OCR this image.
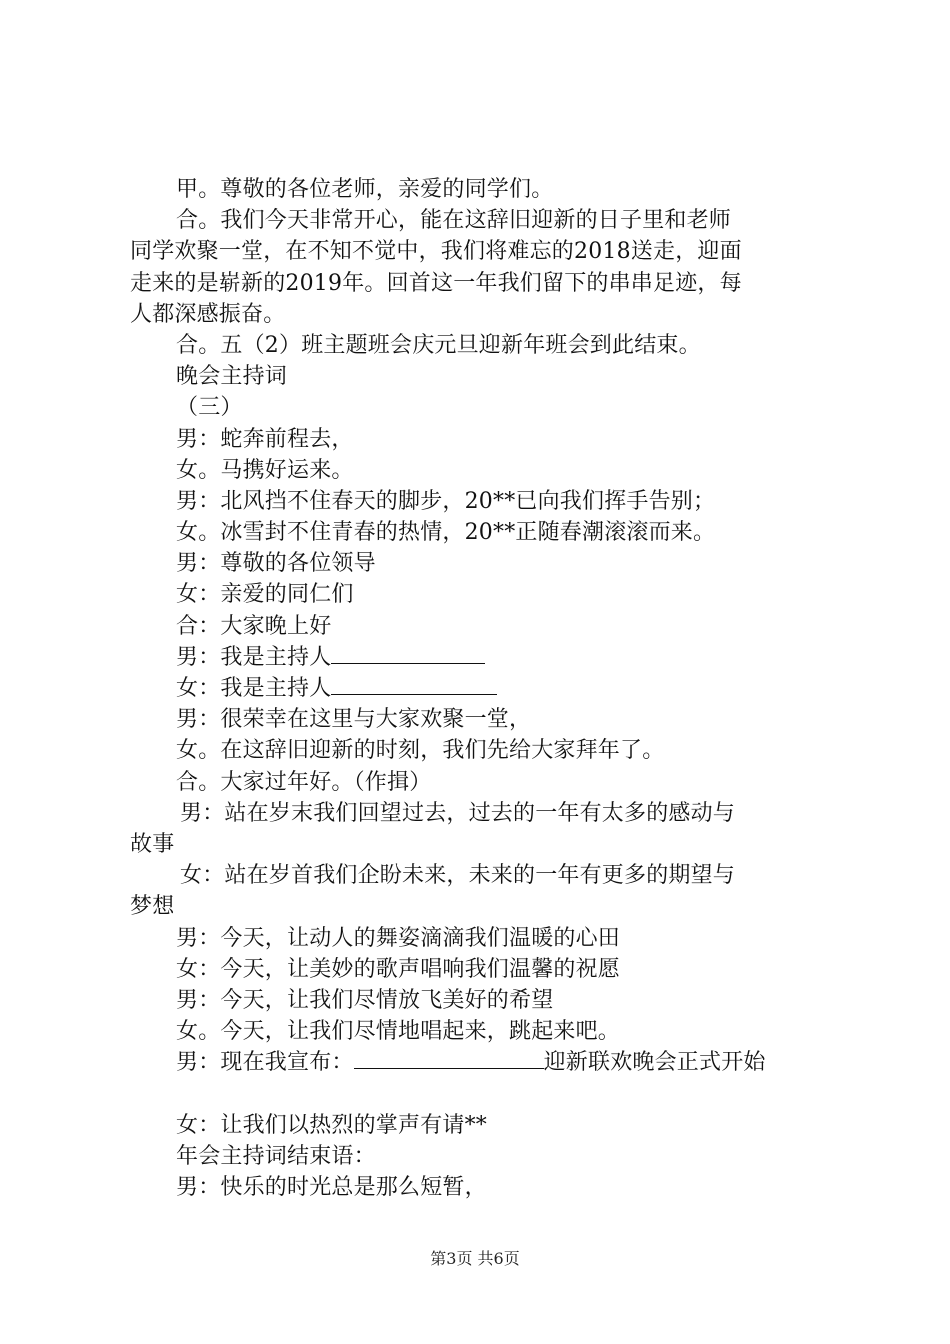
甲。尊敬的各位老师，亲爱的同学们。
合。我们今天非常开心，能在这辞旧迎新的日子里和老师
同学欢聚一堂，在不知不觉中，我们将难忘的2018送走，迎面
走来的是崭新的2019年。回首这一年我们留下的串串足迹，每
人都深感振奋。
合。五（2）班主题班会庆元旦迎新年班会到此结束。
晚会主持词
（三）
男：蛇奔前程去，
女。马携好运来。
男：北风挡不住春天的脚步，20**已向我们挥手告别；
女。冰雪封不住青春的热情，20**正随春潮滚滚而来。
男：尊敬的各位领导
女：亲爱的同仁们
合：大家晚上好
男：我是主持人
女：我是主持人
男：很荣幸在这里与大家欢聚一堂，
女。在这辞旧迎新的时刻，我们先给大家拜年了。
合。大家过年好。（作揖）
男：站在岁末我们回望过去，过去的一年有太多的感动与
故事
女：站在岁首我们企盼未来，未来的一年有更多的期望与
梦想
男：今天，让动人的舞姿滴滴我们温暖的心田
女：今天，让美妙的歌声唱响我们温馨的祝愿
男：今天，让我们尽情放飞美好的希望
女。今天，让我们尽情地唱起来，跳起来吧。
男：现在我宣布：	迎新联欢晚会正式开始
女：让我们以热烈的掌声有请**
年会主持词结束语：
男：快乐的时光总是那么短暂，
第3页 共6页
